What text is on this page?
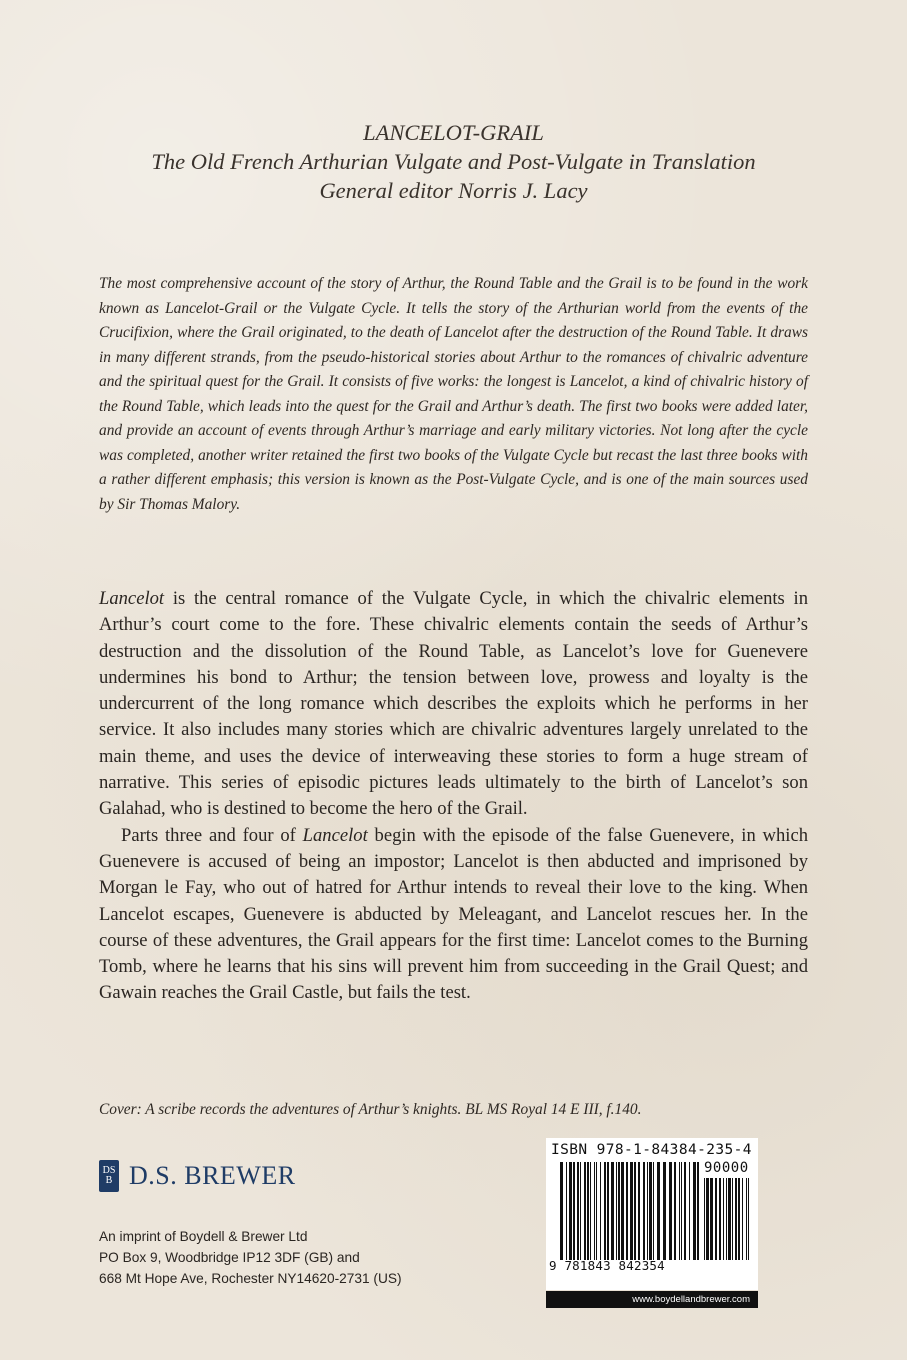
LANCELOT-GRAIL
The Old French Arthurian Vulgate and Post-Vulgate in Translation
General editor Norris J. Lacy

The most comprehensive account of the story of Arthur, the Round Table and the Grail is to be found in the work known as Lancelot-Grail or the Vulgate Cycle. It tells the story of the Arthurian world from the events of the Crucifixion, where the Grail originated, to the death of Lancelot after the destruction of the Round Table. It draws in many different strands, from the pseudo-historical stories about Arthur to the romances of chivalric adventure and the spiritual quest for the Grail. It consists of five works: the longest is Lancelot, a kind of chivalric history of the Round Table, which leads into the quest for the Grail and Arthur’s death. The first two books were added later, and provide an account of events through Arthur’s marriage and early military victories. Not long after the cycle was completed, another writer retained the first two books of the Vulgate Cycle but recast the last three books with a rather different emphasis; this version is known as the Post-Vulgate Cycle, and is one of the main sources used by Sir Thomas Malory.

Lancelot is the central romance of the Vulgate Cycle, in which the chivalric elements in Arthur’s court come to the fore. These chivalric elements contain the seeds of Arthur’s destruction and the dissolution of the Round Table, as Lancelot’s love for Guenevere undermines his bond to Arthur; the tension between love, prowess and loyalty is the undercurrent of the long romance which describes the exploits which he performs in her service. It also includes many stories which are chivalric adventures largely unrelated to the main theme, and uses the device of interweaving these stories to form a huge stream of narrative. This series of episodic pictures leads ultimately to the birth of Lancelot’s son Galahad, who is destined to become the hero of the Grail.

Parts three and four of Lancelot begin with the episode of the false Guenevere, in which Guenevere is accused of being an impostor; Lancelot is then abducted and imprisoned by Morgan le Fay, who out of hatred for Arthur intends to reveal their love to the king. When Lancelot escapes, Guenevere is abducted by Meleagant, and Lancelot rescues her. In the course of these adventures, the Grail appears for the first time: Lancelot comes to the Burning Tomb, where he learns that his sins will prevent him from succeeding in the Grail Quest; and Gawain reaches the Grail Castle, but fails the test.

Cover: A scribe records the adventures of Arthur’s knights. BL MS Royal 14 E III, f.140.
DS
B D.S. BREWER
An imprint of Boydell & Brewer Ltd
PO Box 9, Woodbridge IP12 3DF (GB) and
668 Mt Hope Ave, Rochester NY14620-2731 (US)
ISBN 978-1-84384-235-4
90000
9 781843 842354
www.boydellandbrewer.com
